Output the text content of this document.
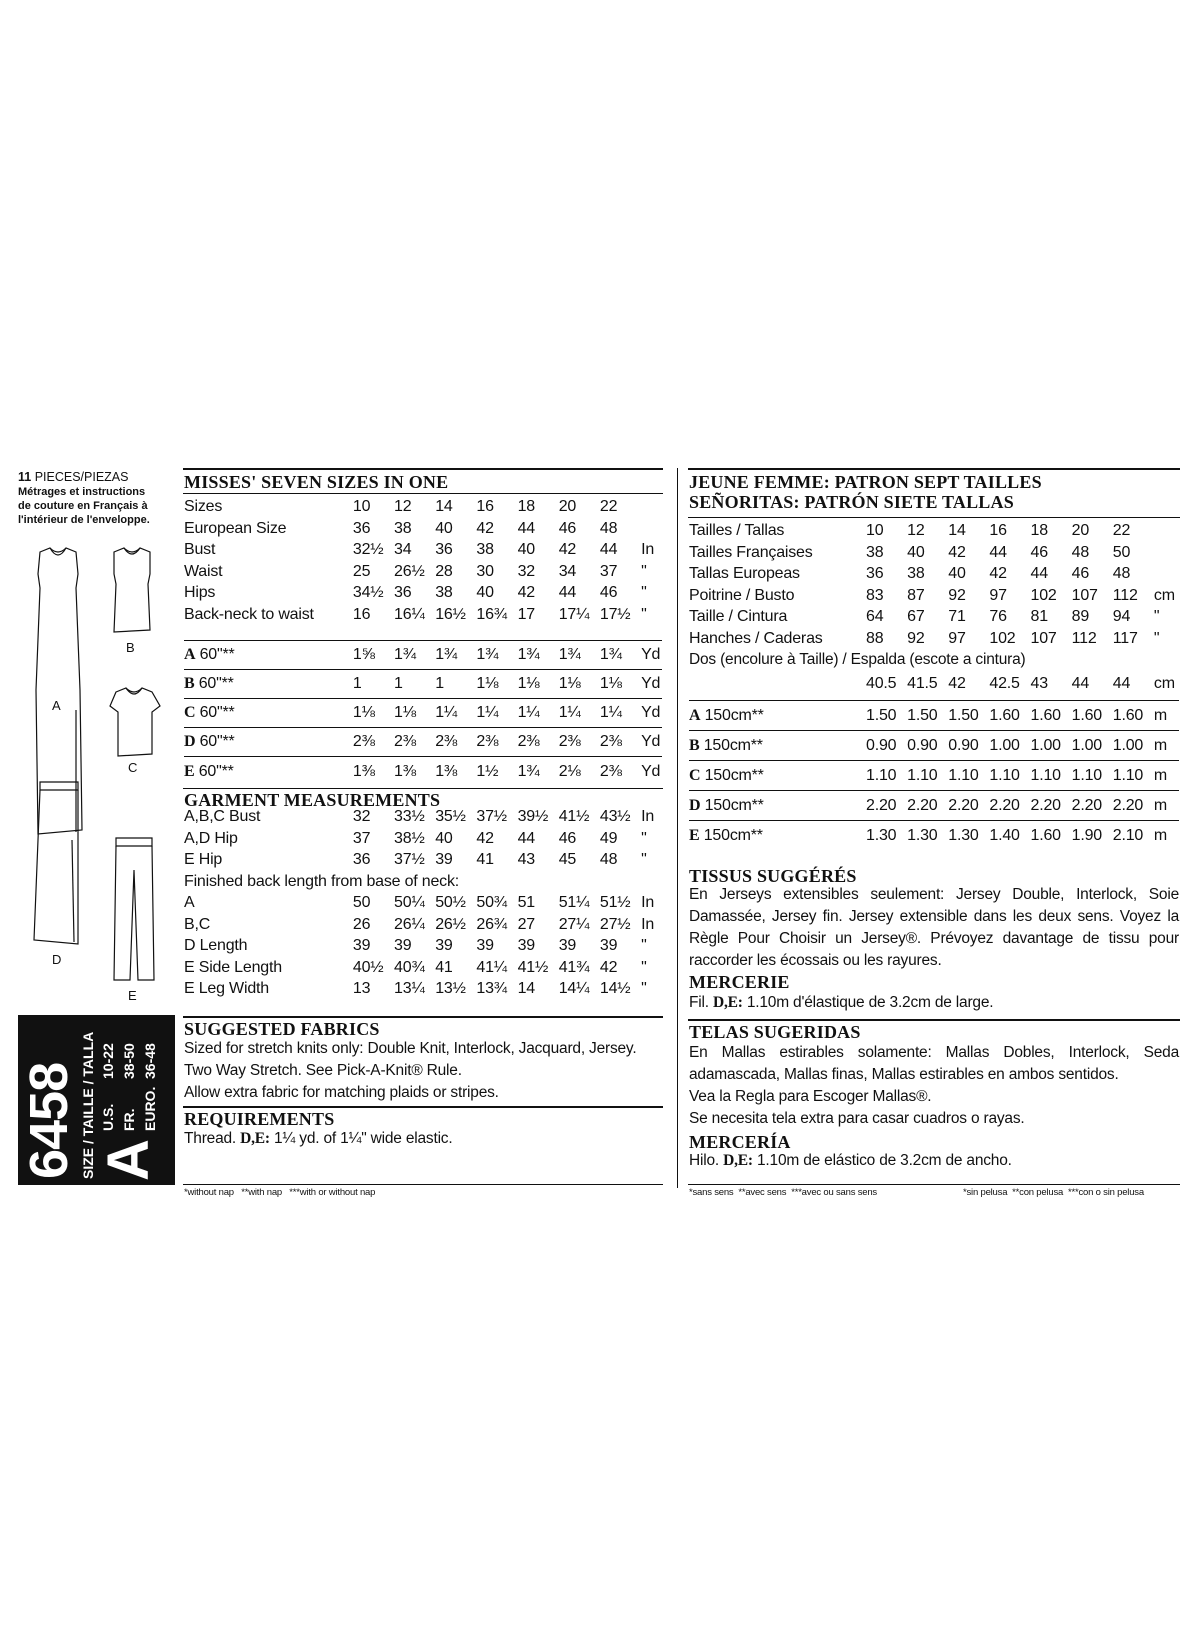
11 PIECES/PIEZAS
Métrages et instructions
de couture en Français à
l'intérieur de l'enveloppe.
A
B
C
D
E
6458 SIZE / TAILLE / TALLA A
U.S.10-22
FR.38-50
EURO.36-48
MISSES' SEVEN SIZES IN ONE
Sizes	10	12	14	16	18	20	22	
European Size	36	38	40	42	44	46	48	
Bust	32½	34	36	38	40	42	44	In
Waist	25	26½	28	30	32	34	37	"
Hips	34½	36	38	40	42	44	46	"
Back-neck to waist	16	16¼	16½	16¾	17	17¼	17½	"
A 60"**	1⅝	1¾	1¾	1¾	1¾	1¾	1¾	Yd
B 60"**	1	1	1	1⅛	1⅛	1⅛	1⅛	Yd
C 60"**	1⅛	1⅛	1¼	1¼	1¼	1¼	1¼	Yd
D 60"**	2⅜	2⅜	2⅜	2⅜	2⅜	2⅜	2⅜	Yd
E 60"**	1⅜	1⅜	1⅜	1½	1¾	2⅛	2⅜	Yd
GARMENT MEASUREMENTS
A,B,C Bust	32	33½	35½	37½	39½	41½	43½	In
A,D Hip	37	38½	40	42	44	46	49	"
E Hip	36	37½	39	41	43	45	48	"
Finished back length from base of neck:								
A	50	50¼	50½	50¾	51	51¼	51½	In
B,C	26	26¼	26½	26¾	27	27¼	27½	In
D Length	39	39	39	39	39	39	39	"
E Side Length	40½	40¾	41	41¼	41½	41¾	42	"
E Leg Width	13	13¼	13½	13¾	14	14¼	14½	"
SUGGESTED FABRICS
Sized for stretch knits only: Double Knit, Interlock, Jacquard, Jersey.
Two Way Stretch. See Pick-A-Knit® Rule.
Allow extra fabric for matching plaids or stripes.
REQUIREMENTS
Thread. D,E: 1¼ yd. of 1¼" wide elastic.
*without nap   **with nap   ***with or without nap
JEUNE FEMME: PATRON SEPT TAILLES
SEÑORITAS: PATRÓN SIETE TALLAS
Tailles / Tallas	10	12	14	16	18	20	22	
Tailles Françaises	38	40	42	44	46	48	50	
Tallas Europeas	36	38	40	42	44	46	48	
Poitrine / Busto	83	87	92	97	102	107	112	cm
Taille / Cintura	64	67	71	76	81	89	94	"
Hanches / Caderas	88	92	97	102	107	112	117	"
Dos (encolure à Taille) / Espalda (escote a cintura)
	40.5	41.5	42	42.5	43	44	44	cm
A 150cm**	1.50	1.50	1.50	1.60	1.60	1.60	1.60	m
B 150cm**	0.90	0.90	0.90	1.00	1.00	1.00	1.00	m
C 150cm**	1.10	1.10	1.10	1.10	1.10	1.10	1.10	m
D 150cm**	2.20	2.20	2.20	2.20	2.20	2.20	2.20	m
E 150cm**	1.30	1.30	1.30	1.40	1.60	1.90	2.10	m
TISSUS SUGGÉRÉS
En Jerseys extensibles seulement: Jersey Double, Interlock, Soie Damassée, Jersey fin. Jersey extensible dans les deux sens. Voyez la Règle Pour Choisir un Jersey®. Prévoyez davantage de tissu pour raccorder les écossais ou les rayures.
MERCERIE
Fil. D,E: 1.10m d'élastique de 3.2cm de large.
TELAS SUGERIDAS
En Mallas estirables solamente: Mallas Dobles, Interlock, Seda adamascada, Mallas finas, Mallas estirables en ambos sentidos.
Vea la Regla para Escoger Mallas®.
Se necesita tela extra para casar cuadros o rayas.
MERCERÍA
Hilo. D,E: 1.10m de elástico de 3.2cm de ancho.
*sans sens  **avec sens  ***avec ou sans sens	*sin pelusa  **con pelusa  ***con o sin pelusa
